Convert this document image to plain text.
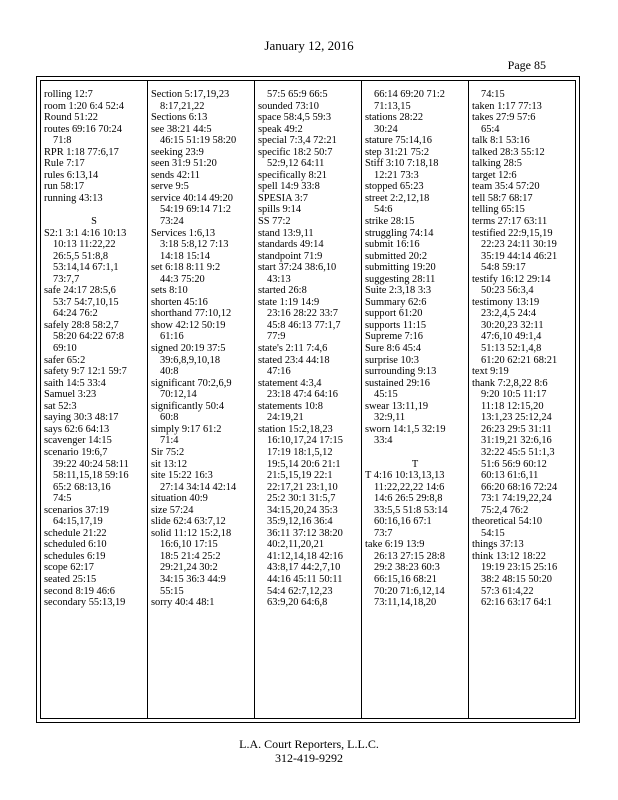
January 12, 2016
Page 85
rolling 12:7
room 1:20 6:4 52:4
Round 51:22
routes 69:16 70:24
71:8
RPR 1:18 77:6,17
Rule 7:17
rules 6:13,14
run 58:17
running 43:13
S
S2:1 3:1 4:16 10:13
10:13 11:22,22
26:5,5 51:8,8
53:14,14 67:1,1
73:7,7
safe 24:17 28:5,6
53:7 54:7,10,15
64:24 76:2
safely 28:8 58:2,7
58:20 64:22 67:8
69:10
safer 65:2
safety 9:7 12:1 59:7
saith 14:5 33:4
Samuel 3:23
sat 52:3
saying 30:3 48:17
says 62:6 64:13
scavenger 14:15
scenario 19:6,7
39:22 40:24 58:11
58:11,15,18 59:16
65:2 68:13,16
74:5
scenarios 37:19
64:15,17,19
schedule 21:22
scheduled 6:10
schedules 6:19
scope 62:17
seated 25:15
second 8:19 46:6
secondary 55:13,19
Section 5:17,19,23
8:17,21,22
Sections 6:13
see 38:21 44:5
46:15 51:19 58:20
seeking 23:9
seen 31:9 51:20
sends 42:11
serve 9:5
service 40:14 49:20
54:19 69:14 71:2
73:24
Services 1:6,13
3:18 5:8,12 7:13
14:18 15:14
set 6:18 8:11 9:2
44:3 75:20
sets 8:10
shorten 45:16
shorthand 77:10,12
show 42:12 50:19
61:16
signed 20:19 37:5
39:6,8,9,10,18
40:8
significant 70:2,6,9
70:12,14
significantly 50:4
60:8
simply 9:17 61:2
71:4
Sir 75:2
sit 13:12
site 15:22 16:3
27:14 34:14 42:14
situation 40:9
size 57:24
slide 62:4 63:7,12
solid 11:12 15:2,18
16:6,10 17:15
18:5 21:4 25:2
29:21,24 30:2
34:15 36:3 44:9
55:15
sorry 40:4 48:1
57:5 65:9 66:5
sounded 73:10
space 58:4,5 59:3
speak 49:2
special 7:3,4 72:21
specific 18:2 50:7
52:9,12 64:11
specifically 8:21
spell 14:9 33:8
SPESIA 3:7
spills 9:14
SS 77:2
stand 13:9,11
standards 49:14
standpoint 71:9
start 37:24 38:6,10
43:13
started 26:8
state 1:19 14:9
23:16 28:22 33:7
45:8 46:13 77:1,7
77:9
state's 2:11 7:4,6
stated 23:4 44:18
47:16
statement 4:3,4
23:18 47:4 64:16
statements 10:8
24:19,21
station 15:2,18,23
16:10,17,24 17:15
17:19 18:1,5,12
19:5,14 20:6 21:1
21:5,15,19 22:1
22:17,21 23:1,10
25:2 30:1 31:5,7
34:15,20,24 35:3
35:9,12,16 36:4
36:11 37:12 38:20
40:2,11,20,21
41:12,14,18 42:16
43:8,17 44:2,7,10
44:16 45:11 50:11
54:4 62:7,12,23
63:9,20 64:6,8
66:14 69:20 71:2
71:13,15
stations 28:22
30:24
stature 75:14,16
step 31:21 75:2
Stiff 3:10 7:18,18
12:21 73:3
stopped 65:23
street 2:2,12,18
54:6
strike 28:15
struggling 74:14
submit 16:16
submitted 20:2
submitting 19:20
suggesting 28:11
Suite 2:3,18 3:3
Summary 62:6
support 61:20
supports 11:15
Supreme 7:16
Sure 8:6 45:4
surprise 10:3
surrounding 9:13
sustained 29:16
45:15
swear 13:11,19
32:9,11
sworn 14:1,5 32:19
33:4
T
T 4:16 10:13,13,13
11:22,22,22 14:6
14:6 26:5 29:8,8
33:5,5 51:8 53:14
60:16,16 67:1
73:7
take 6:19 13:9
26:13 27:15 28:8
29:2 38:23 60:3
66:15,16 68:21
70:20 71:6,12,14
73:11,14,18,20
74:15
taken 1:17 77:13
takes 27:9 57:6
65:4
talk 8:1 53:16
talked 28:3 55:12
talking 28:5
target 12:6
team 35:4 57:20
tell 58:7 68:17
telling 65:15
terms 27:17 63:11
testified 22:9,15,19
22:23 24:11 30:19
35:19 44:14 46:21
54:8 59:17
testify 16:12 29:14
50:23 56:3,4
testimony 13:19
23:2,4,5 24:4
30:20,23 32:11
47:6,10 49:1,4
51:13 52:1,4,8
61:20 62:21 68:21
text 9:19
thank 7:2,8,22 8:6
9:20 10:5 11:17
11:18 12:15,20
13:1,23 25:12,24
26:23 29:5 31:11
31:19,21 32:6,16
32:22 45:5 51:1,3
51:6 56:9 60:12
60:13 61:6,11
66:20 68:16 72:24
73:1 74:19,22,24
75:2,4 76:2
theoretical 54:10
54:15
things 37:13
think 13:12 18:22
19:19 23:15 25:16
38:2 48:15 50:20
57:3 61:4,22
62:16 63:17 64:1
L.A. Court Reporters, L.L.C.
312-419-9292
